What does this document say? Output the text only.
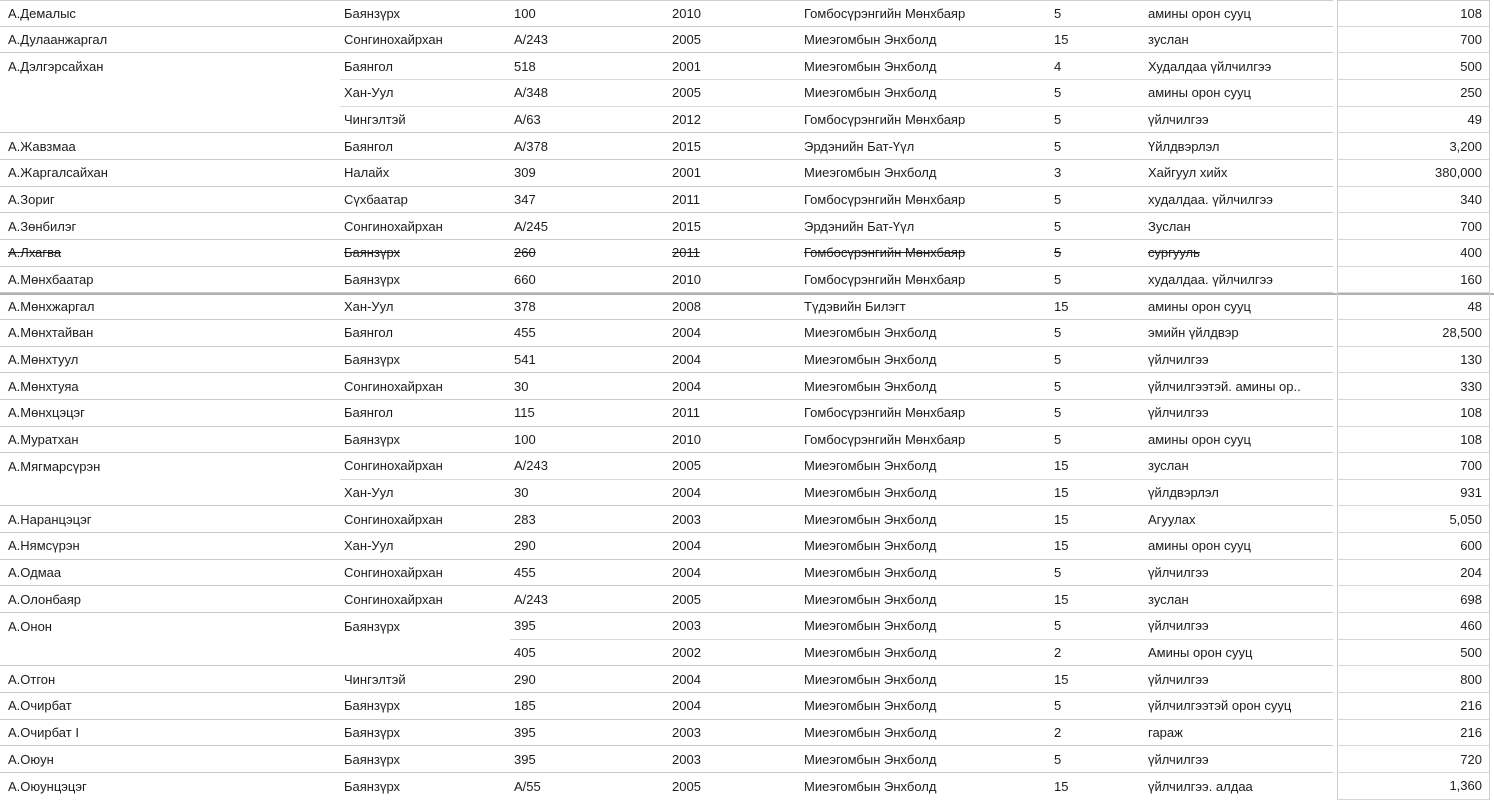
А.Демалыс	Баянзүрх	100	2010	Гомбосүрэнгийн Мөнхбаяр	5	амины орон сууц	108
А.Дулаанжаргал	Сонгинохайрхан	А/243	2005	Миеэгомбын Энхболд	15	зуслан	700
А.Дэлгэрсайхан	Баянгол	518	2001	Миеэгомбын Энхболд	4	Худалдаа үйлчилгээ	500
Хан-Уул	А/348	2005	Миеэгомбын Энхболд	5	амины орон сууц	250
Чингэлтэй	А/63	2012	Гомбосүрэнгийн Мөнхбаяр	5	үйлчилгээ	49
А.Жавзмаа	Баянгол	А/378	2015	Эрдэнийн Бат-Үүл	5	Үйлдвэрлэл	3,200
А.Жаргалсайхан	Налайх	309	2001	Миеэгомбын Энхболд	3	Хайгуул хийх	380,000
А.Зориг	Сүхбаатар	347	2011	Гомбосүрэнгийн Мөнхбаяр	5	худалдаа. үйлчилгээ	340
А.Зөнбилэг	Сонгинохайрхан	А/245	2015	Эрдэнийн Бат-Үүл	5	Зуслан	700
А.Лхагва	Баянзүрх	260	2011	Гомбосүрэнгийн Мөнхбаяр	5	сургууль	400
А.Мөнхбаатар	Баянзүрх	660	2010	Гомбосүрэнгийн Мөнхбаяр	5	худалдаа. үйлчилгээ	160
А.Мөнхжаргал	Хан-Уул	378	2008	Түдэвийн Билэгт	15	амины орон сууц	48
А.Мөнхтайван	Баянгол	455	2004	Миеэгомбын Энхболд	5	эмийн үйлдвэр	28,500
А.Мөнхтуул	Баянзүрх	541	2004	Миеэгомбын Энхболд	5	үйлчилгээ	130
А.Мөнхтуяа	Сонгинохайрхан	30	2004	Миеэгомбын Энхболд	5	үйлчилгээтэй. амины ор..	330
А.Мөнхцэцэг	Баянгол	115	2011	Гомбосүрэнгийн Мөнхбаяр	5	үйлчилгээ	108
А.Муратхан	Баянзүрх	100	2010	Гомбосүрэнгийн Мөнхбаяр	5	амины орон сууц	108
А.Мягмарсүрэн	Сонгинохайрхан	А/243	2005	Миеэгомбын Энхболд	15	зуслан	700
Хан-Уул	30	2004	Миеэгомбын Энхболд	15	үйлдвэрлэл	931
А.Наранцэцэг	Сонгинохайрхан	283	2003	Миеэгомбын Энхболд	15	Агуулах	5,050
А.Нямсүрэн	Хан-Уул	290	2004	Миеэгомбын Энхболд	15	амины орон сууц	600
А.Одмаа	Сонгинохайрхан	455	2004	Миеэгомбын Энхболд	5	үйлчилгээ	204
А.Олонбаяр	Сонгинохайрхан	А/243	2005	Миеэгомбын Энхболд	15	зуслан	698
А.Онон	Баянзүрх	395	2003	Миеэгомбын Энхболд	5	үйлчилгээ	460
405	2002	Миеэгомбын Энхболд	2	Амины орон сууц	500
А.Отгон	Чингэлтэй	290	2004	Миеэгомбын Энхболд	15	үйлчилгээ	800
А.Очирбат	Баянзүрх	185	2004	Миеэгомбын Энхболд	5	үйлчилгээтэй орон сууц	216
А.Очирбат I	Баянзүрх	395	2003	Миеэгомбын Энхболд	2	гараж	216
А.Оюун	Баянзүрх	395	2003	Миеэгомбын Энхболд	5	үйлчилгээ	720
А.Оюунцэцэг	Баянзүрх	А/55	2005	Миеэгомбын Энхболд	15	үйлчилгээ. алдаа	1,360
